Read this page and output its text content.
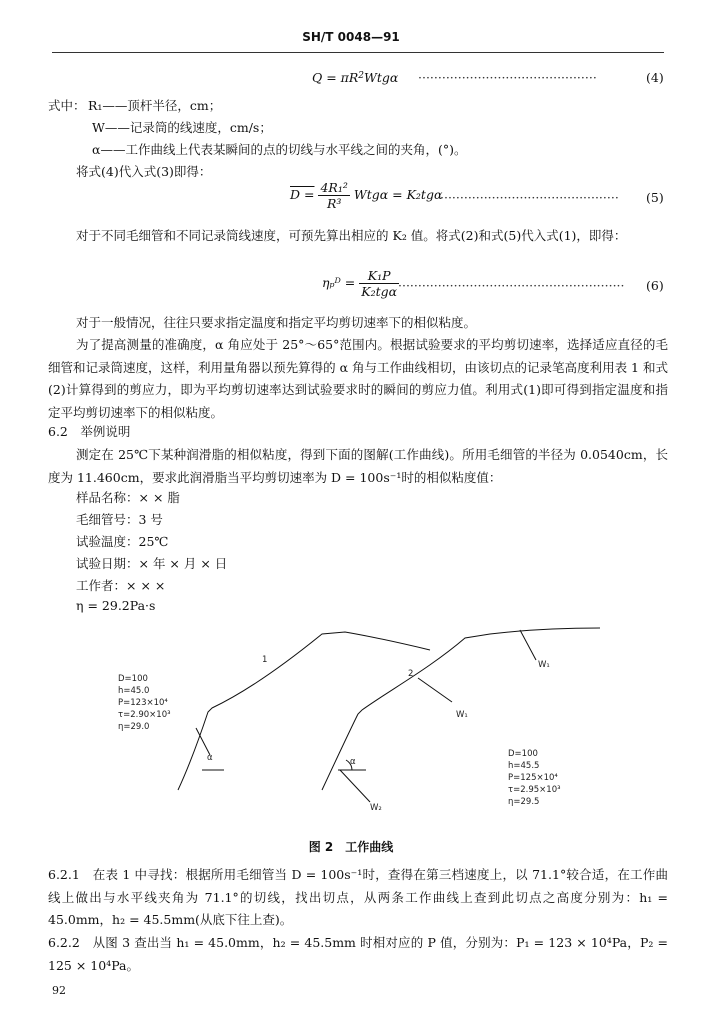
SH/T 0048—91
$Q = \pi R^2Wtg\alpha$ ·············································	(4)
式中： R₁——顶杆半径，cm；
W——记录筒的线速度，cm/s；
α——工作曲线上代表某瞬间的点的切线与水平线之间的夹角，(°)。
将式(4)代入式(3)即得：
$D = \frac{\text{4R₁²}}{\text{R³}}$ Wtgα = K₂tgα
············································· (5)
对于不同毛细管和不同记录筒线速度，可预先算出相应的 K₂ 值。将式(2)和式(5)代入式(1)，即得：
ηₚᴰ = $\frac{\text{K₁P}}{\text{K₂tgα}}$
························································· (6)
对于一般情况，往往只要求指定温度和指定平均剪切速率下的相似粘度。
为了提高测量的准确度，α 角应处于 25°～65°范围内。根据试验要求的平均剪切速率，选择适应直径的毛细管和记录筒速度，这样，利用量角器以预先算得的 α 角与工作曲线相切，由该切点的记录笔高度利用表 1 和式(2)计算得到的剪应力，即为平均剪切速率达到试验要求时的瞬间的剪应力值。利用式(1)即可得到指定温度和指定平均剪切速率下的相似粘度。
6.2　举例说明
测定在 25℃下某种润滑脂的相似粘度，得到下面的图解(工作曲线)。所用毛细管的半径为 0.0540cm，长度为 11.460cm，要求此润滑脂当平均剪切速率为 D = 100s⁻¹时的相似粘度值：
样品名称：× × 脂
毛细管号：3 号
试验温度：25℃
试验日期：× 年 × 月 × 日
工作者：× × ×
η = 29.2Pa·s
1
2
W₁
W₁
W₂
α	α
D=100
h=45.0
P=123×10⁴
τ=2.90×10³
η=29.0
D=100
h=45.5
P=125×10⁴
τ=2.95×10³
η=29.5
图 2　工作曲线
6.2.1　在表 1 中寻找：根据所用毛细管当 D = 100s⁻¹时，查得在第三档速度上，以 71.1°较合适，在工作曲线上做出与水平线夹角为 71.1°的切线，找出切点，从两条工作曲线上查到此切点之高度分别为：h₁ = 45.0mm，h₂ = 45.5mm(从底下往上查)。
6.2.2　从图 3 查出当 h₁ = 45.0mm，h₂ = 45.5mm 时相对应的 P 值，分别为：P₁ = 123 × 10⁴Pa，P₂ = 125 × 10⁴Pa。
92
